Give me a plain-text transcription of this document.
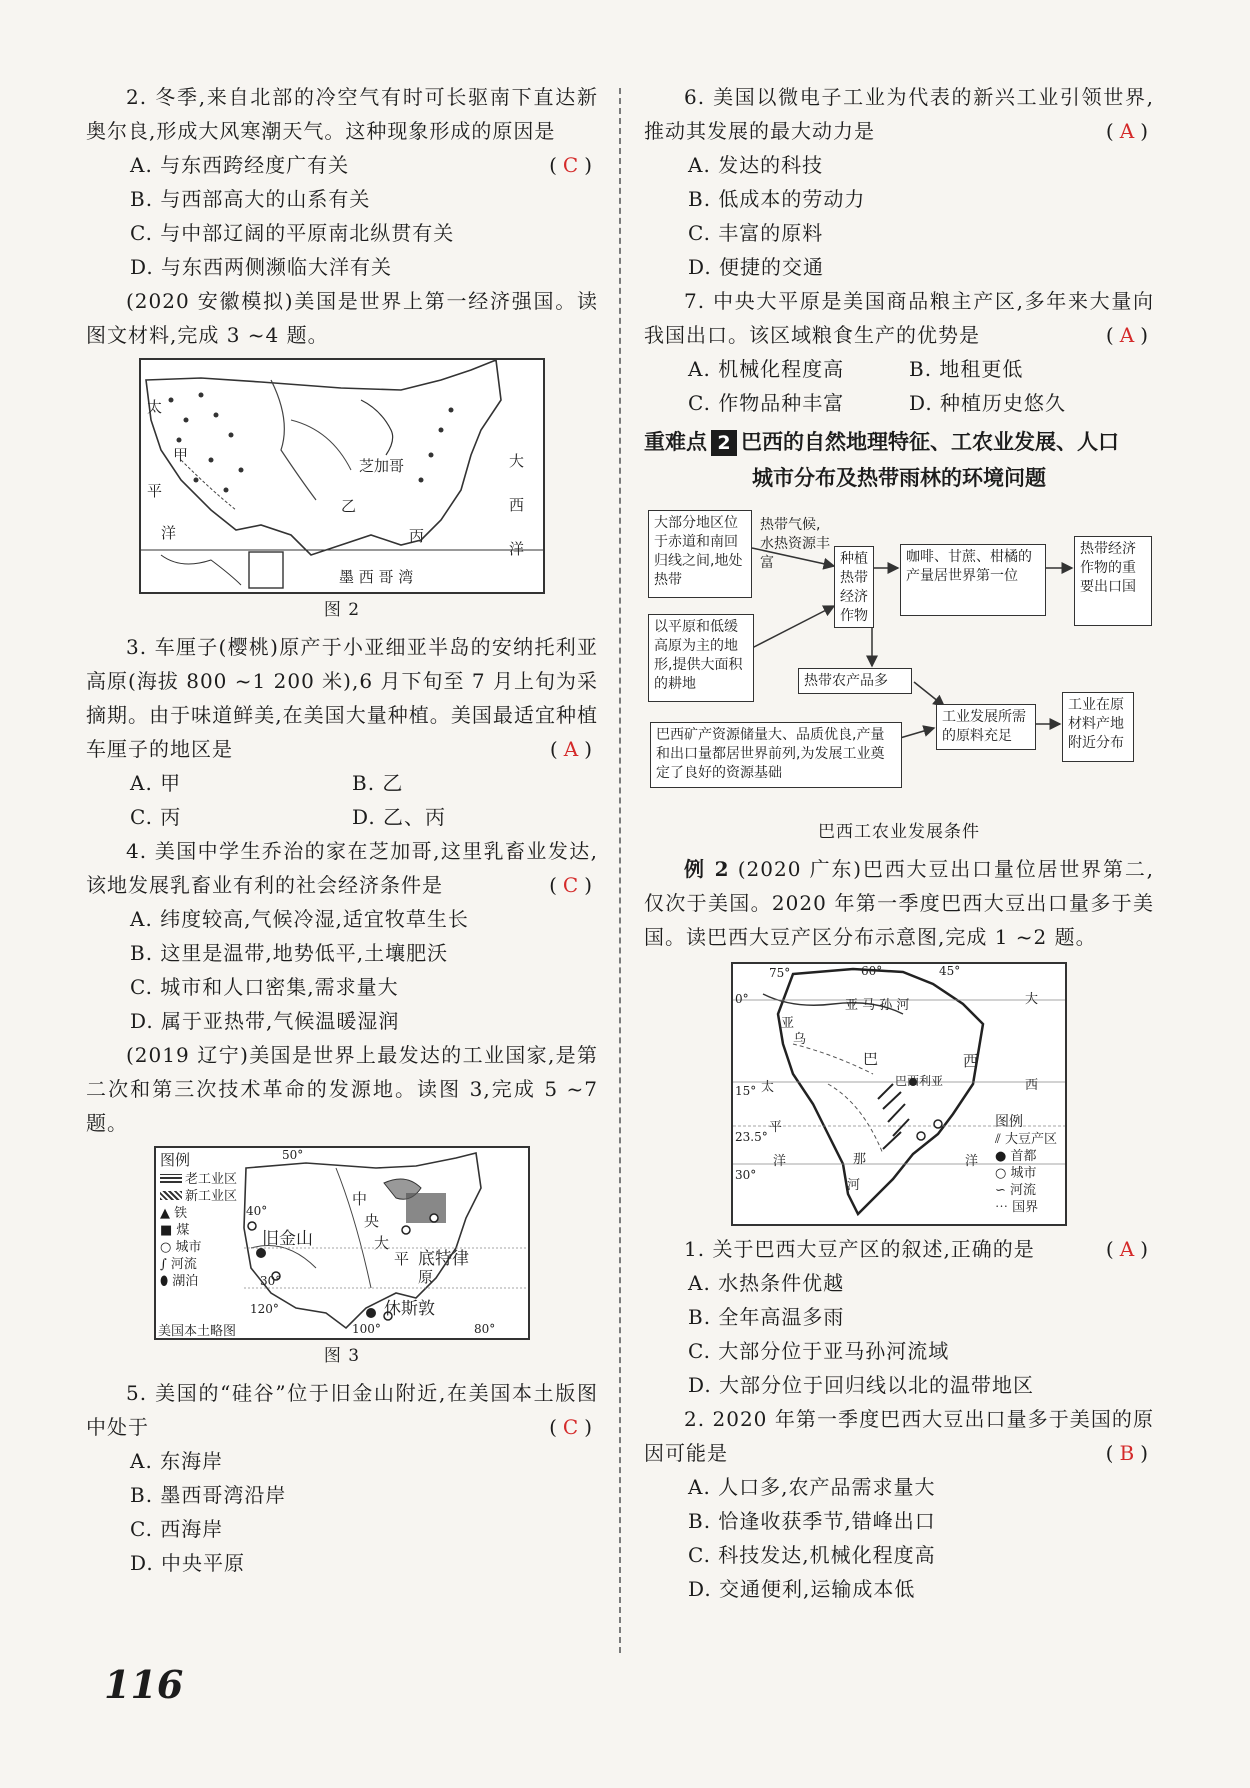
2. 冬季,来自北部的冷空气有时可长驱南下直达新奥尔良,形成大风寒潮天气。这种现象形成的原因是
(C)

A. 与东西跨经度广有关

B. 与西部高大的山系有关

C. 与中部辽阔的平原南北纵贯有关

D. 与东西两侧濒临大洋有关

(2020 安徽模拟)美国是世界上第一经济强国。读图文材料,完成 3 ~4 题。

太
甲
平
洋
芝加哥
乙
丙
大
西
洋
墨 西 哥 湾

图 2

3. 车厘子(樱桃)原产于小亚细亚半岛的安纳托利亚高原(海拔 800 ~1 200 米),6 月下旬至 7 月上旬为采摘期。由于味道鲜美,在美国大量种植。美国最适宜种植车厘子的地区是	(A)

A. 甲	B. 乙

C. 丙	D. 乙、丙

4. 美国中学生乔治的家在芝加哥,这里乳畜业发达,该地发展乳畜业有利的社会经济条件是	(C)

A. 纬度较高,气候冷湿,适宜牧草生长

B. 这里是温带,地势低平,土壤肥沃

C. 城市和人口密集,需求量大

D. 属于亚热带,气候温暖湿润

(2019 辽宁)美国是世界上最发达的工业国家,是第二次和第三次技术革命的发源地。读图 3,完成 5 ~7 题。

图例
老工业区
新工业区
▲ 铁
■ 煤
○ 城市
∫ 河流
⬮ 湖泊
美国本土略图
旧金山
底特律
休斯敦
中
央
大
平
原
40°
30°
120°
100°	80°
50°

图 3

5. 美国的“硅谷”位于旧金山附近,在美国本土版图中处于	(C)

A. 东海岸

B. 墨西哥湾沿岸

C. 西海岸

D. 中央平原

6. 美国以微电子工业为代表的新兴工业引领世界,推动其发展的最大动力是	(A)

A. 发达的科技

B. 低成本的劳动力

C. 丰富的原料

D. 便捷的交通

7. 中央大平原是美国商品粮主产区,多年来大量向我国出口。该区域粮食生产的优势是	(A)

A. 机械化程度高	B. 地租更低

C. 作物品种丰富	D. 种植历史悠久

重难点 2 巴西的自然地理特征、工农业发展、人口
城市分布及热带雨林的环境问题
大部分地区位于赤道和南回归线之间,地处热带
热带气候,水热资源丰富	种植热带经济作物
咖啡、甘蔗、柑橘的产量居世界第一位
热带经济作物的重要出口国
以平原和低缓高原为主的地形,提供大面积的耕地	热带农产品多
巴西矿产资源储量大、品质优良,产量和出口量都居世界前列,为发展工业奠定了良好的资源基础
工业发展所需的原料充足
工业在原材料产地附近分布

巴西工农业发展条件

例 2 (2020 广东)巴西大豆出口量位居世界第二,仅次于美国。2020 年第一季度巴西大豆出口量多于美国。读巴西大豆产区分布示意图,完成 1 ~2 题。

75°	60°	45°
0°	亚 马 孙 河
亚
乌
巴	西
巴西利亚
大
西
15° 太
平
23.5°
洋
30°
那
河
洋
图例
⫽ 大豆产区
● 首都
○ 城市
∽ 河流
⋯ 国界

1. 关于巴西大豆产区的叙述,正确的是	(A)

A. 水热条件优越

B. 全年高温多雨

C. 大部分位于亚马孙河流域

D. 大部分位于回归线以北的温带地区

2. 2020 年第一季度巴西大豆出口量多于美国的原因可能是	(B)

A. 人口多,农产品需求量大

B. 恰逢收获季节,错峰出口

C. 科技发达,机械化程度高

D. 交通便利,运输成本低

116
